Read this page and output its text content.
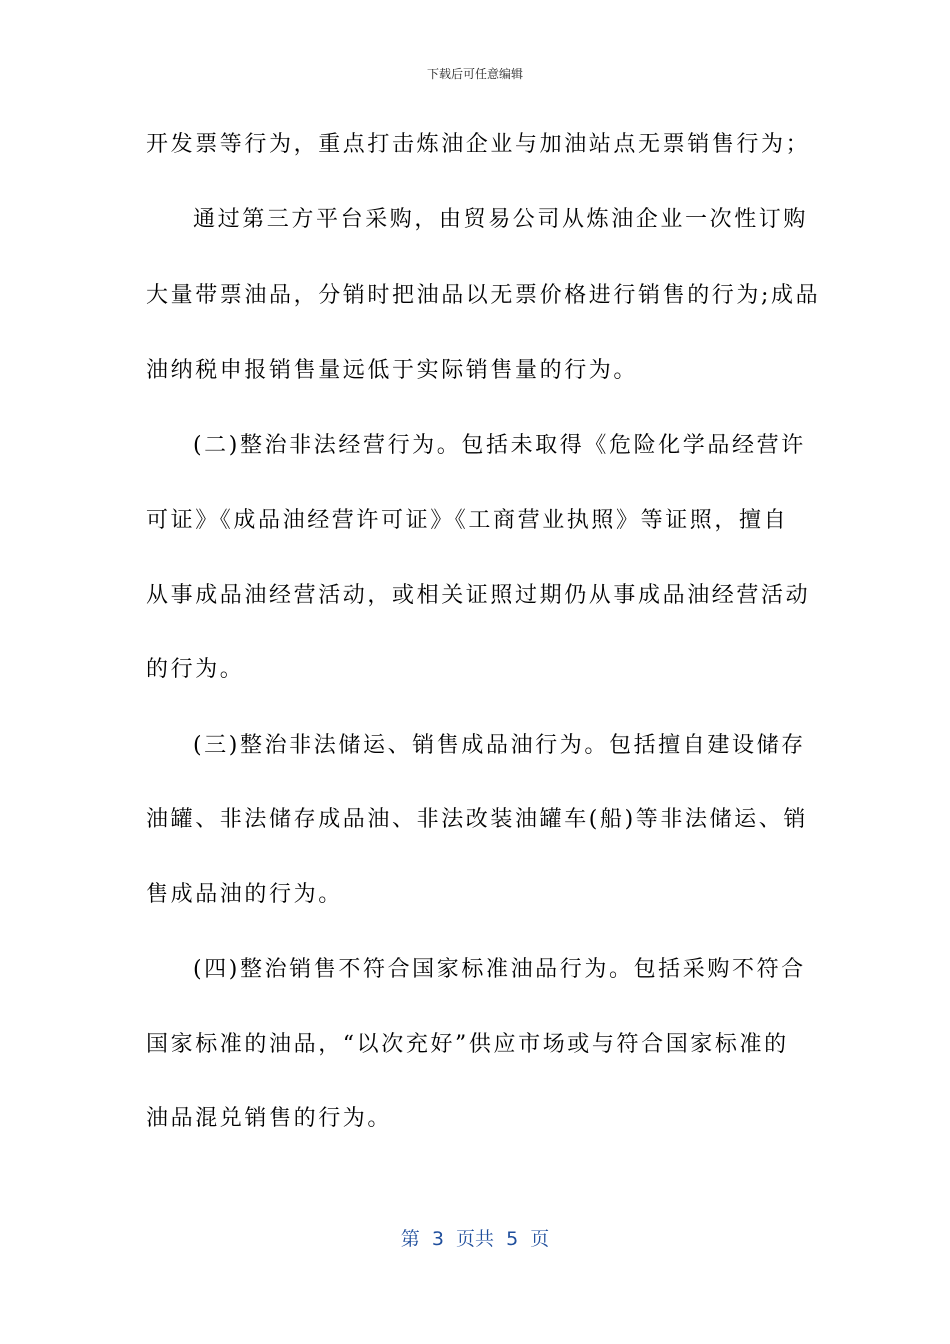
下载后可任意编辑
开发票等行为，重点打击炼油企业与加油站点无票销售行为；
通过第三方平台采购，由贸易公司从炼油企业一次性订购
大量带票油品，分销时把油品以无票价格进行销售的行为;成品
油纳税申报销售量远低于实际销售量的行为。
(二)整治非法经营行为。包括未取得《危险化学品经营许
可证》《成品油经营许可证》《工商营业执照》等证照，擅自
从事成品油经营活动，或相关证照过期仍从事成品油经营活动
的行为。
(三)整治非法储运、销售成品油行为。包括擅自建设储存
油罐、非法储存成品油、非法改装油罐车(船)等非法储运、销
售成品油的行为。
(四)整治销售不符合国家标准油品行为。包括采购不符合
国家标准的油品，“以次充好”供应市场或与符合国家标准的
油品混兑销售的行为。
第  3  页共  5  页
